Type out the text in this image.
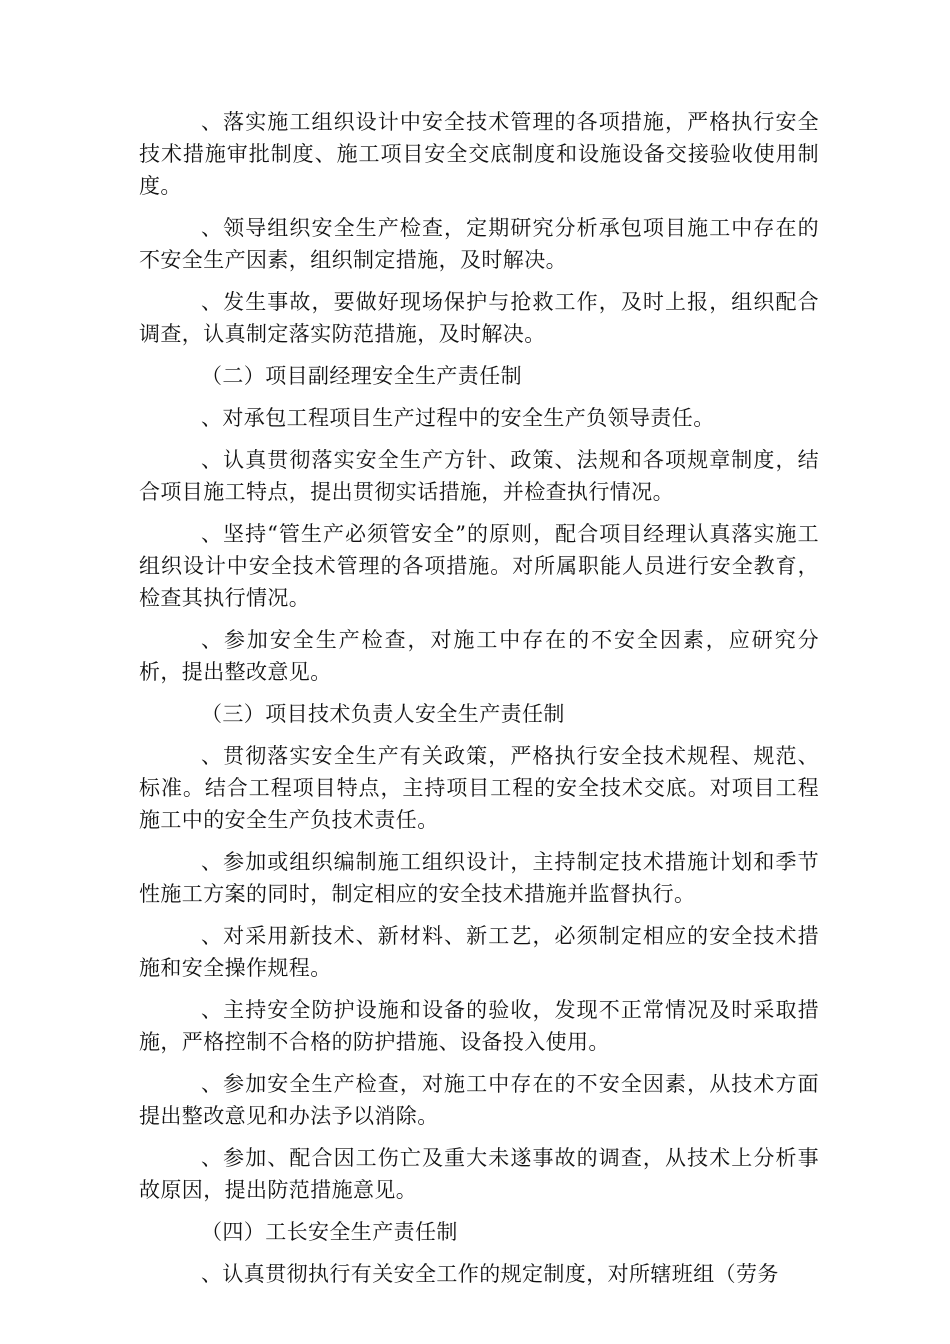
、落实施工组织设计中安全技术管理的各项措施，严格执行安全技术措施审批制度、施工项目安全交底制度和设施设备交接验收使用制度。

、领导组织安全生产检查，定期研究分析承包项目施工中存在的不安全生产因素，组织制定措施，及时解决。

、发生事故，要做好现场保护与抢救工作，及时上报，组织配合调查，认真制定落实防范措施，及时解决。

（二）项目副经理安全生产责任制

、对承包工程项目生产过程中的安全生产负领导责任。

、认真贯彻落实安全生产方针、政策、法规和各项规章制度，结合项目施工特点，提出贯彻实话措施，并检查执行情况。

、坚持“管生产必须管安全”的原则，配合项目经理认真落实施工组织设计中安全技术管理的各项措施。对所属职能人员进行安全教育，检查其执行情况。

、参加安全生产检查，对施工中存在的不安全因素，应研究分析，提出整改意见。

（三）项目技术负责人安全生产责任制

、贯彻落实安全生产有关政策，严格执行安全技术规程、规范、标准。结合工程项目特点，主持项目工程的安全技术交底。对项目工程施工中的安全生产负技术责任。

、参加或组织编制施工组织设计，主持制定技术措施计划和季节性施工方案的同时，制定相应的安全技术措施并监督执行。

、对采用新技术、新材料、新工艺，必须制定相应的安全技术措施和安全操作规程。

、主持安全防护设施和设备的验收，发现不正常情况及时采取措施，严格控制不合格的防护措施、设备投入使用。

、参加安全生产检查，对施工中存在的不安全因素，从技术方面提出整改意见和办法予以消除。

、参加、配合因工伤亡及重大未遂事故的调查，从技术上分析事故原因，提出防范措施意见。

（四）工长安全生产责任制

、认真贯彻执行有关安全工作的规定制度，对所辖班组（劳务
